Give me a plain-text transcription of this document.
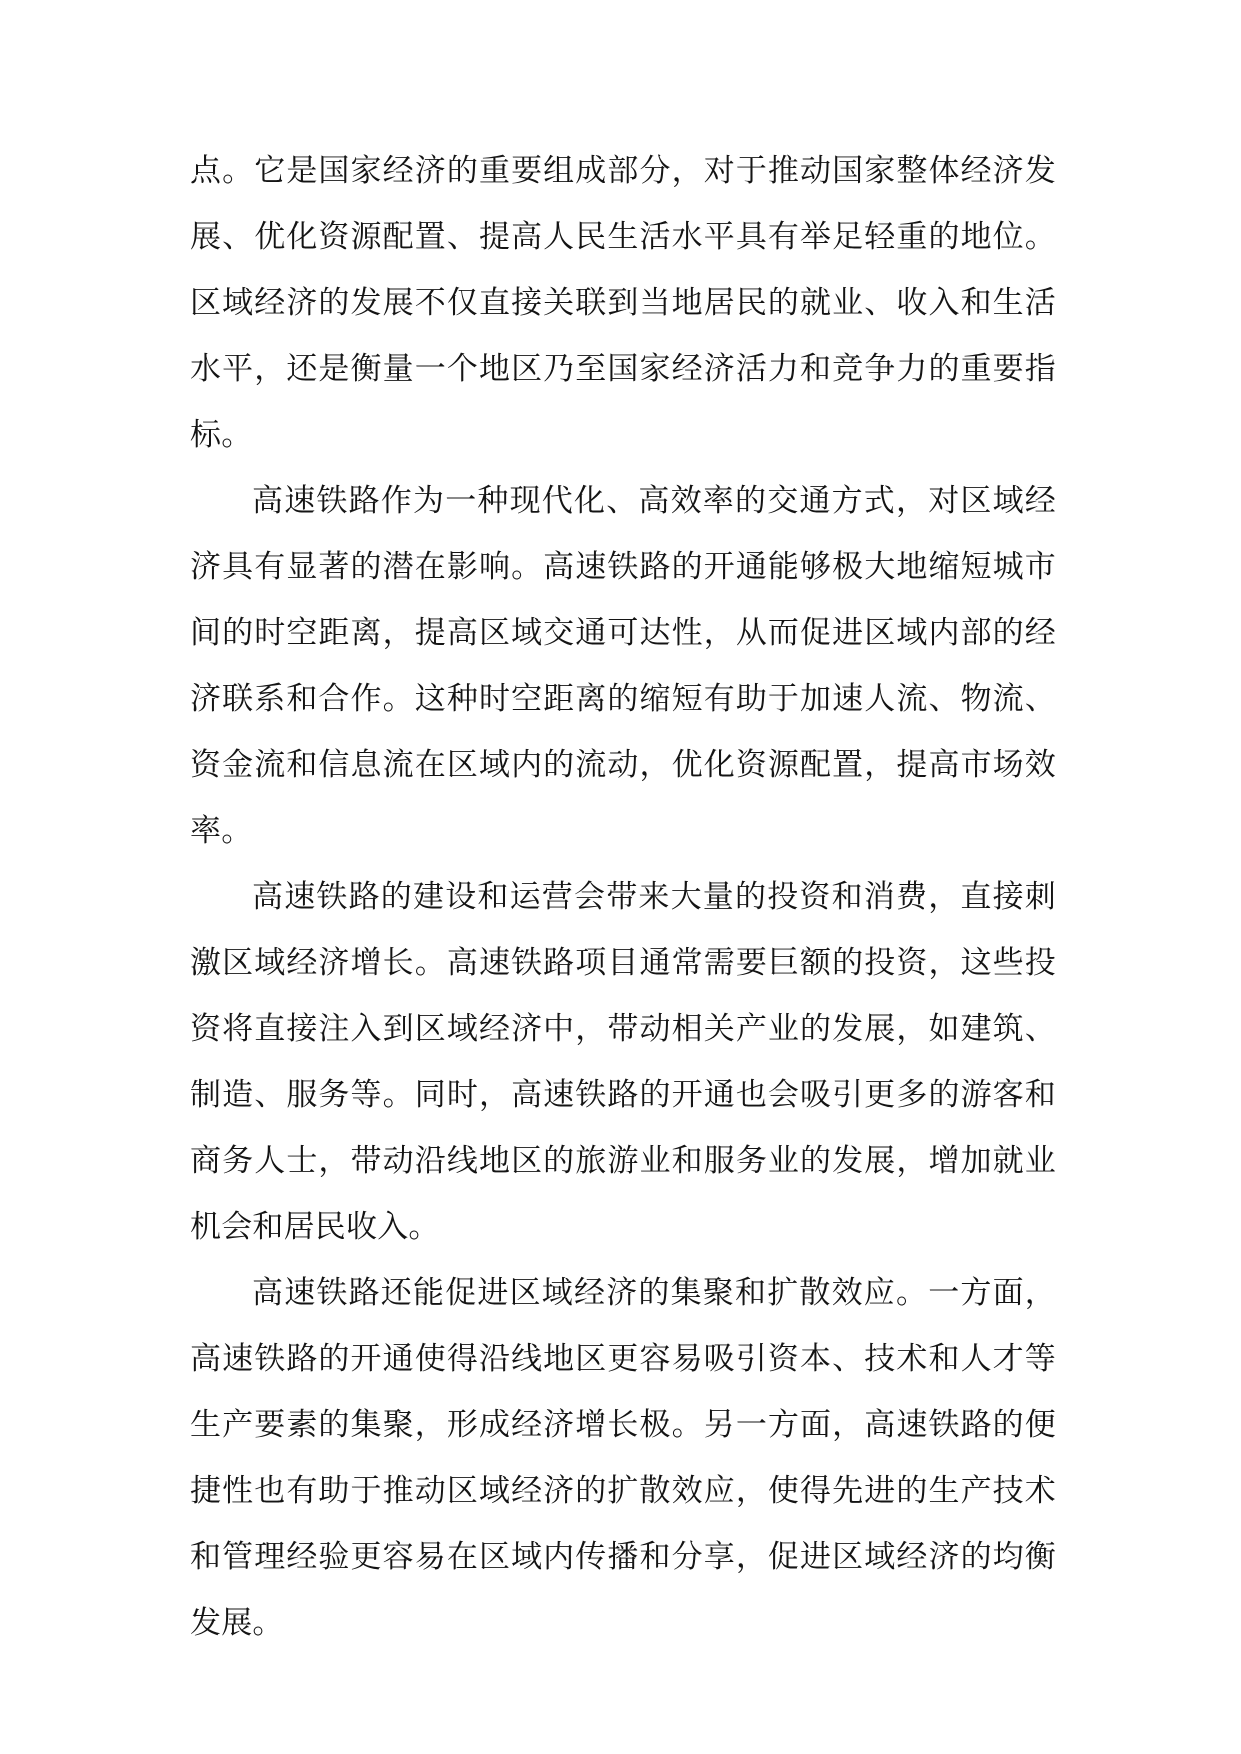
点。它是国家经济的重要组成部分，对于推动国家整体经济发展、优化资源配置、提高人民生活水平具有举足轻重的地位。区域经济的发展不仅直接关联到当地居民的就业、收入和生活水平，还是衡量一个地区乃至国家经济活力和竞争力的重要指标。

高速铁路作为一种现代化、高效率的交通方式，对区域经济具有显著的潜在影响。高速铁路的开通能够极大地缩短城市间的时空距离，提高区域交通可达性，从而促进区域内部的经济联系和合作。这种时空距离的缩短有助于加速人流、物流、资金流和信息流在区域内的流动，优化资源配置，提高市场效率。

高速铁路的建设和运营会带来大量的投资和消费，直接刺激区域经济增长。高速铁路项目通常需要巨额的投资，这些投资将直接注入到区域经济中，带动相关产业的发展，如建筑、制造、服务等。同时，高速铁路的开通也会吸引更多的游客和商务人士，带动沿线地区的旅游业和服务业的发展，增加就业机会和居民收入。

高速铁路还能促进区域经济的集聚和扩散效应。一方面，高速铁路的开通使得沿线地区更容易吸引资本、技术和人才等生产要素的集聚，形成经济增长极。另一方面，高速铁路的便捷性也有助于推动区域经济的扩散效应，使得先进的生产技术和管理经验更容易在区域内传播和分享，促进区域经济的均衡发展。
